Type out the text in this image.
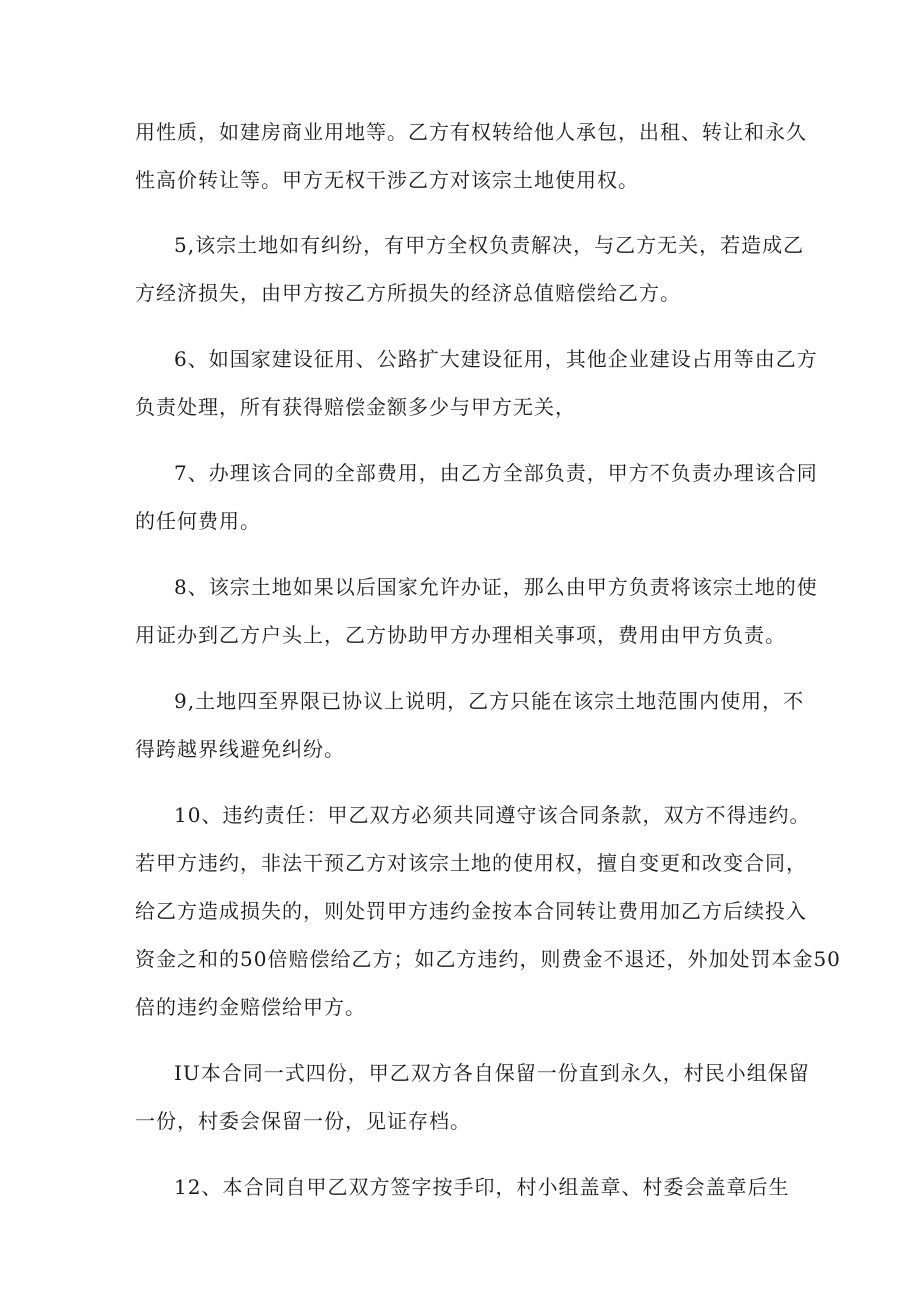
用性质，如建房商业用地等。乙方有权转给他人承包，出租、转让和永久
性高价转让等。甲方无权干涉乙方对该宗土地使用权。
5,该宗土地如有纠纷，有甲方全权负责解决，与乙方无关，若造成乙
方经济损失，由甲方按乙方所损失的经济总值赔偿给乙方。
6、如国家建设征用、公路扩大建设征用，其他企业建设占用等由乙方
负责处理，所有获得赔偿金额多少与甲方无关，
7、办理该合同的全部费用，由乙方全部负责，甲方不负责办理该合同
的任何费用。
8、该宗土地如果以后国家允许办证，那么由甲方负责将该宗土地的使
用证办到乙方户头上，乙方协助甲方办理相关事项，费用由甲方负责。
9,土地四至界限已协议上说明，乙方只能在该宗土地范围内使用，不
得跨越界线避免纠纷。
10、违约责任：甲乙双方必须共同遵守该合同条款，双方不得违约。
若甲方违约，非法干预乙方对该宗土地的使用权，擅自变更和改变合同，
给乙方造成损失的，则处罚甲方违约金按本合同转让费用加乙方后续投入
资金之和的50倍赔偿给乙方；如乙方违约，则费金不退还，外加处罚本金50
倍的违约金赔偿给甲方。
IU本合同一式四份，甲乙双方各自保留一份直到永久，村民小组保留
一份，村委会保留一份，见证存档。
12、本合同自甲乙双方签字按手印，村小组盖章、村委会盖章后生
